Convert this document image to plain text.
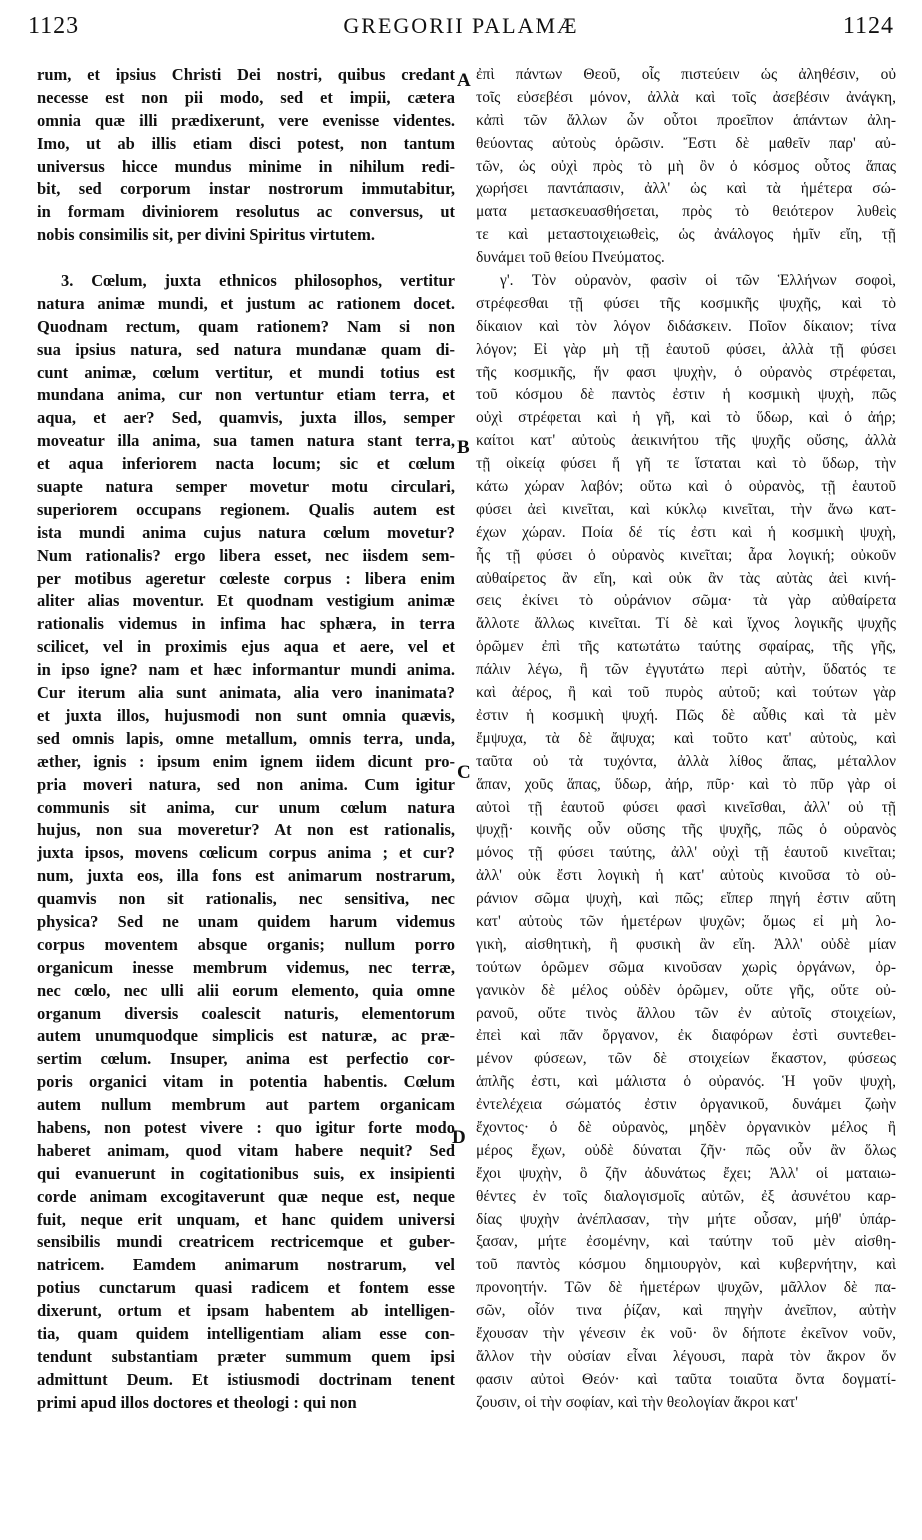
1123	GREGORII PALAMÆ	1124
rum, et ipsius Christi Dei nostri, quibus credant
necesse est non pii modo, sed et impii, cætera
omnia quæ illi prædixerunt, vere evenisse videntes.
Imo, ut ab illis etiam disci potest, non tantum
universus hicce mundus minime in nihilum redi-
bit, sed corporum instar nostrorum immutabitur,
in formam diviniorem resolutus ac conversus, ut
nobis consimilis sit, per divini Spiritus virtutem.
3. Cœlum, juxta ethnicos philosophos, vertitur
natura animæ mundi, et justum ac rationem docet.
Quodnam rectum, quam rationem? Nam si non
sua ipsius natura, sed natura mundanæ quam di-
cunt animæ, cœlum vertitur, et mundi totius est
mundana anima, cur non vertuntur etiam terra, et
aqua, et aer? Sed, quamvis, juxta illos, semper
moveatur illa anima, sua tamen natura stant terra,
et aqua inferiorem nacta locum; sic et cœlum
suapte natura semper movetur motu circulari,
superiorem occupans regionem. Qualis autem est
ista mundi anima cujus natura cœlum movetur?
Num rationalis? ergo libera esset, nec iisdem sem-
per motibus ageretur cœleste corpus : libera enim
aliter alias moventur. Et quodnam vestigium animæ
rationalis videmus in infima hac sphæra, in terra
scilicet, vel in proximis ejus aqua et aere, vel et
in ipso igne? nam et hæc informantur mundi anima.
Cur iterum alia sunt animata, alia vero inanimata?
et juxta illos, hujusmodi non sunt omnia quævis,
sed omnis lapis, omne metallum, omnis terra, unda,
æther, ignis : ipsum enim ignem iidem dicunt pro-
pria moveri natura, sed non anima. Cum igitur
communis sit anima, cur unum cœlum natura
hujus, non sua moveretur? At non est rationalis,
juxta ipsos, movens cœlicum corpus anima ; et cur?
num, juxta eos, illa fons est animarum nostrarum,
quamvis non sit rationalis, nec sensitiva, nec
physica? Sed ne unam quidem harum videmus
corpus moventem absque organis; nullum porro
organicum inesse membrum videmus, nec terræ,
nec cœlo, nec ulli alii eorum elemento, quia omne
organum diversis coalescit naturis, elementorum
autem unumquodque simplicis est naturæ, ac præ-
sertim cœlum. Insuper, anima est perfectio cor-
poris organici vitam in potentia habentis. Cœlum
autem nullum membrum aut partem organicam
habens, non potest vivere : quo igitur forte modo
haberet animam, quod vitam habere nequit? Sed
qui evanuerunt in cogitationibus suis, ex insipienti
corde animam excogitaverunt quæ neque est, neque
fuit, neque erit unquam, et hanc quidem universi
sensibilis mundi creatricem rectricemque et guber-
natricem. Eamdem animarum nostrarum, vel
potius cunctarum quasi radicem et fontem esse
dixerunt, ortum et ipsam habentem ab intelligen-
tia, quam quidem intelligentiam aliam esse con-
tendunt substantiam præter summum quem ipsi
admittunt Deum. Et istiusmodi doctrinam tenent
primi apud illos doctores et theologi : qui non
ἐπὶ πάντων Θεοῦ, οἷς πιστεύειν ὡς ἀληθέσιν, οὐ
τοῖς εὐσεβέσι μόνον, ἀλλὰ καὶ τοῖς ἀσεβέσιν ἀνάγκη,
κἀπὶ τῶν ἄλλων ὧν οὗτοι προεῖπον ἁπάντων ἀλη-
θεύοντας αὐτοὺς ὁρῶσιν. Ἔστι δὲ μαθεῖν παρ' αὐ-
τῶν, ὡς οὐχὶ πρὸς τὸ μὴ ὂν ὁ κόσμος οὗτος ἅπας
χωρήσει παντάπασιν, ἀλλ' ὡς καὶ τὰ ἡμέτερα σώ-
ματα μετασκευασθήσεται, πρὸς τὸ θειότερον λυθεὶς
τε καὶ μεταστοιχειωθεὶς, ὡς ἀνάλογος ἡμῖν εἴη, τῇ
δυνάμει τοῦ θείου Πνεύματος.
γ'. Τὸν οὐρανὸν, φασὶν οἱ τῶν Ἑλλήνων σοφοὶ,
στρέφεσθαι τῇ φύσει τῆς κοσμικῆς ψυχῆς, καὶ τὸ
δίκαιον καὶ τὸν λόγον διδάσκειν. Ποῖον δίκαιον; τίνα
λόγον; Εἰ γὰρ μὴ τῇ ἑαυτοῦ φύσει, ἀλλὰ τῇ φύσει
τῆς κοσμικῆς, ἥν φασι ψυχὴν, ὁ οὐρανὸς στρέφεται,
τοῦ κόσμου δὲ παντὸς ἐστιν ἡ κοσμικὴ ψυχὴ, πῶς
οὐχὶ στρέφεται καὶ ἡ γῆ, καὶ τὸ ὕδωρ, καὶ ὁ ἀήρ;
καίτοι κατ' αὐτοὺς ἀεικινήτου τῆς ψυχῆς οὔσης, ἀλλὰ
τῇ οἰκείᾳ φύσει ἥ γῆ τε ἵσταται καὶ τὸ ὕδωρ, τὴν
κάτω χώραν λαβόν; οὕτω καὶ ὁ οὐρανὸς, τῇ ἑαυτοῦ
φύσει ἀεὶ κινεῖται, καὶ κύκλῳ κινεῖται, τὴν ἄνω κατ-
έχων χώραν. Ποία δέ τίς ἐστι καὶ ἡ κοσμικὴ ψυχὴ,
ἧς τῇ φύσει ὁ οὐρανὸς κινεῖται; ἆρα λογική; οὐκοῦν
αὐθαίρετος ἂν εἴη, καὶ οὐκ ἂν τὰς αὐτὰς ἀεὶ κινή-
σεις ἐκίνει τὸ οὐράνιον σῶμα· τὰ γὰρ αὐθαίρετα
ἄλλοτε ἄλλως κινεῖται. Τί δὲ καὶ ἴχνος λογικῆς ψυχῆς
ὁρῶμεν ἐπὶ τῆς κατωτάτω ταύτης σφαίρας, τῆς γῆς,
πάλιν λέγω, ἢ τῶν ἐγγυτάτω περὶ αὐτὴν, ὕδατός τε
καὶ ἀέρος, ἢ καὶ τοῦ πυρὸς αὐτοῦ; καὶ τούτων γὰρ
ἐστιν ἡ κοσμικὴ ψυχή. Πῶς δὲ αὖθις καὶ τὰ μὲν
ἔμψυχα, τὰ δὲ ἄψυχα; καὶ τοῦτο κατ' αὐτοὺς, καὶ
ταῦτα οὐ τὰ τυχόντα, ἀλλὰ λίθος ἅπας, μέταλλον
ἅπαν, χοῦς ἅπας, ὕδωρ, ἀήρ, πῦρ· καὶ τὸ πῦρ γὰρ οἱ
αὐτοὶ τῇ ἑαυτοῦ φύσει φασὶ κινεῖσθαι, ἀλλ' οὐ τῇ
ψυχῇ· κοινῆς οὖν οὔσης τῆς ψυχῆς, πῶς ὁ οὐρανὸς
μόνος τῇ φύσει ταύτης, ἀλλ' οὐχὶ τῇ ἑαυτοῦ κινεῖται;
ἀλλ' οὐκ ἔστι λογικὴ ἡ κατ' αὐτοὺς κινοῦσα τὸ οὐ-
ράνιον σῶμα ψυχὴ, καὶ πῶς; εἴπερ πηγή ἐστιν αὕτη
κατ' αὐτοὺς τῶν ἡμετέρων ψυχῶν; ὅμως εἰ μὴ λο-
γικὴ, αἰσθητικὴ, ἢ φυσικὴ ἂν εἴη. Ἀλλ' οὐδὲ μίαν
τούτων ὁρῶμεν σῶμα κινοῦσαν χωρὶς ὀργάνων, ὀρ-
γανικὸν δὲ μέλος οὐδὲν ὁρῶμεν, οὔτε γῆς, οὔτε οὐ-
ρανοῦ, οὔτε τινὸς ἄλλου τῶν ἐν αὐτοῖς στοιχείων,
ἐπεὶ καὶ πᾶν ὄργανον, ἐκ διαφόρων ἐστὶ συντεθει-
μένον φύσεων, τῶν δὲ στοιχείων ἕκαστον, φύσεως
ἁπλῆς ἐστι, καὶ μάλιστα ὁ οὐρανός. Ἡ γοῦν ψυχὴ,
ἐντελέχεια σώματός ἐστιν ὀργανικοῦ, δυνάμει ζωὴν
ἔχοντος· ὁ δὲ οὐρανὸς, μηδὲν ὀργανικὸν μέλος ἢ
μέρος ἔχων, οὐδὲ δύναται ζῆν· πῶς οὖν ἂν ὅλως
ἔχοι ψυχὴν, ὃ ζῆν ἀδυνάτως ἔχει; Ἀλλ' οἱ ματαιω-
θέντες ἐν τοῖς διαλογισμοῖς αὐτῶν, ἐξ ἀσυνέτου καρ-
δίας ψυχὴν ἀνέπλασαν, τὴν μήτε οὖσαν, μήθ' ὑπάρ-
ξασαν, μήτε ἐσομένην, καὶ ταύτην τοῦ μὲν αἰσθη-
τοῦ παντὸς κόσμου δημιουργὸν, καὶ κυβερνήτην, καὶ
προνοητήν. Τῶν δὲ ἡμετέρων ψυχῶν, μᾶλλον δὲ πα-
σῶν, οἷόν τινα ῥίζαν, καὶ πηγὴν ἀνεῖπον, αὐτὴν
ἔχουσαν τὴν γένεσιν ἐκ νοῦ· ὃν δήποτε ἐκεῖνον νοῦν,
ἄλλον τὴν οὐσίαν εἶναι λέγουσι, παρὰ τὸν ἄκρον ὅν
φασιν αὐτοὶ Θεόν· καὶ ταῦτα τοιαῦτα ὄντα δογματί-
ζουσιν, οἱ τὴν σοφίαν, καὶ τὴν θεολογίαν ἄκροι κατ'
A
B
C
D
